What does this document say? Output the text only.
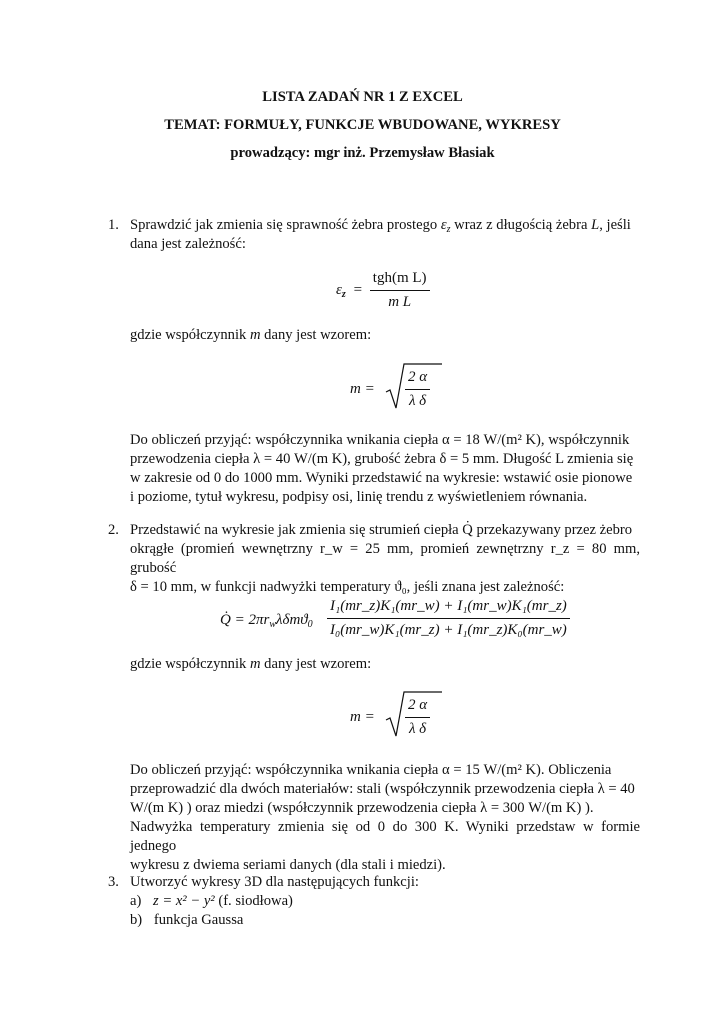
LISTA ZADAŃ NR 1 Z EXCEL
TEMAT: FORMUŁY, FUNKCJE WBUDOWANE, WYKRESY
prowadzący: mgr inż. Przemysław Błasiak
1. Sprawdzić jak zmienia się sprawność żebra prostego $\varepsilon_z$ wraz z długością żebra L, jeśli
dana jest zależność:
$\varepsilon_z = \frac{\text{tgh(m L)}}{\text{m L}}$
gdzie współczynnik m dany jest wzorem:
$m = \frac{2 \alpha}{\text{λ δ}}$
Do obliczeń przyjąć: współczynnika wnikania ciepła α = 18 W/(m² K), współczynnik
przewodzenia ciepła λ = 40 W/(m K), grubość żebra δ = 5 mm. Długość L zmienia się
w zakresie od 0 do 1000 mm. Wyniki przedstawić na wykresie: wstawić osie pionowe
i poziome, tytuł wykresu, podpisy osi, linię trendu z wyświetleniem równania.
2. Przedstawić na wykresie jak zmienia się strumień ciepła Q̇ przekazywany przez żebro
okrągłe (promień wewnętrzny r_w = 25 mm, promień zewnętrzny r_z = 80 mm, grubość
δ = 10 mm, w funkcji nadwyżki temperatury ϑ₀, jeśli znana jest zależność:
Q̇ = $2\pi r_w\lambda\delta mϑ_0 \frac{\text{I₁(mr\_z)K₁(mr\_w) + I₁(mr\_w)K₁(mr\_z)}}{\text{I₀(mr\_w)K₁(mr\_z) + I₁(mr\_z)K₀(mr\_w)}}$
gdzie współczynnik m dany jest wzorem:
$m = \frac{2 \alpha}{\text{λ δ}}$
Do obliczeń przyjąć: współczynnika wnikania ciepła α = 15 W/(m² K). Obliczenia
przeprowadzić dla dwóch materiałów: stali (współczynnik przewodzenia ciepła λ = 40
W/(m K) ) oraz miedzi (współczynnik przewodzenia ciepła λ = 300 W/(m K) ).
Nadwyżka temperatury zmienia się od 0 do 300 K. Wyniki przedstaw w formie jednego
wykresu z dwiema seriami danych (dla stali i miedzi).
3. Utworzyć wykresy 3D dla następujących funkcji:
a) z = x² − y² (f. siodłowa)
b) funkcja Gaussa
